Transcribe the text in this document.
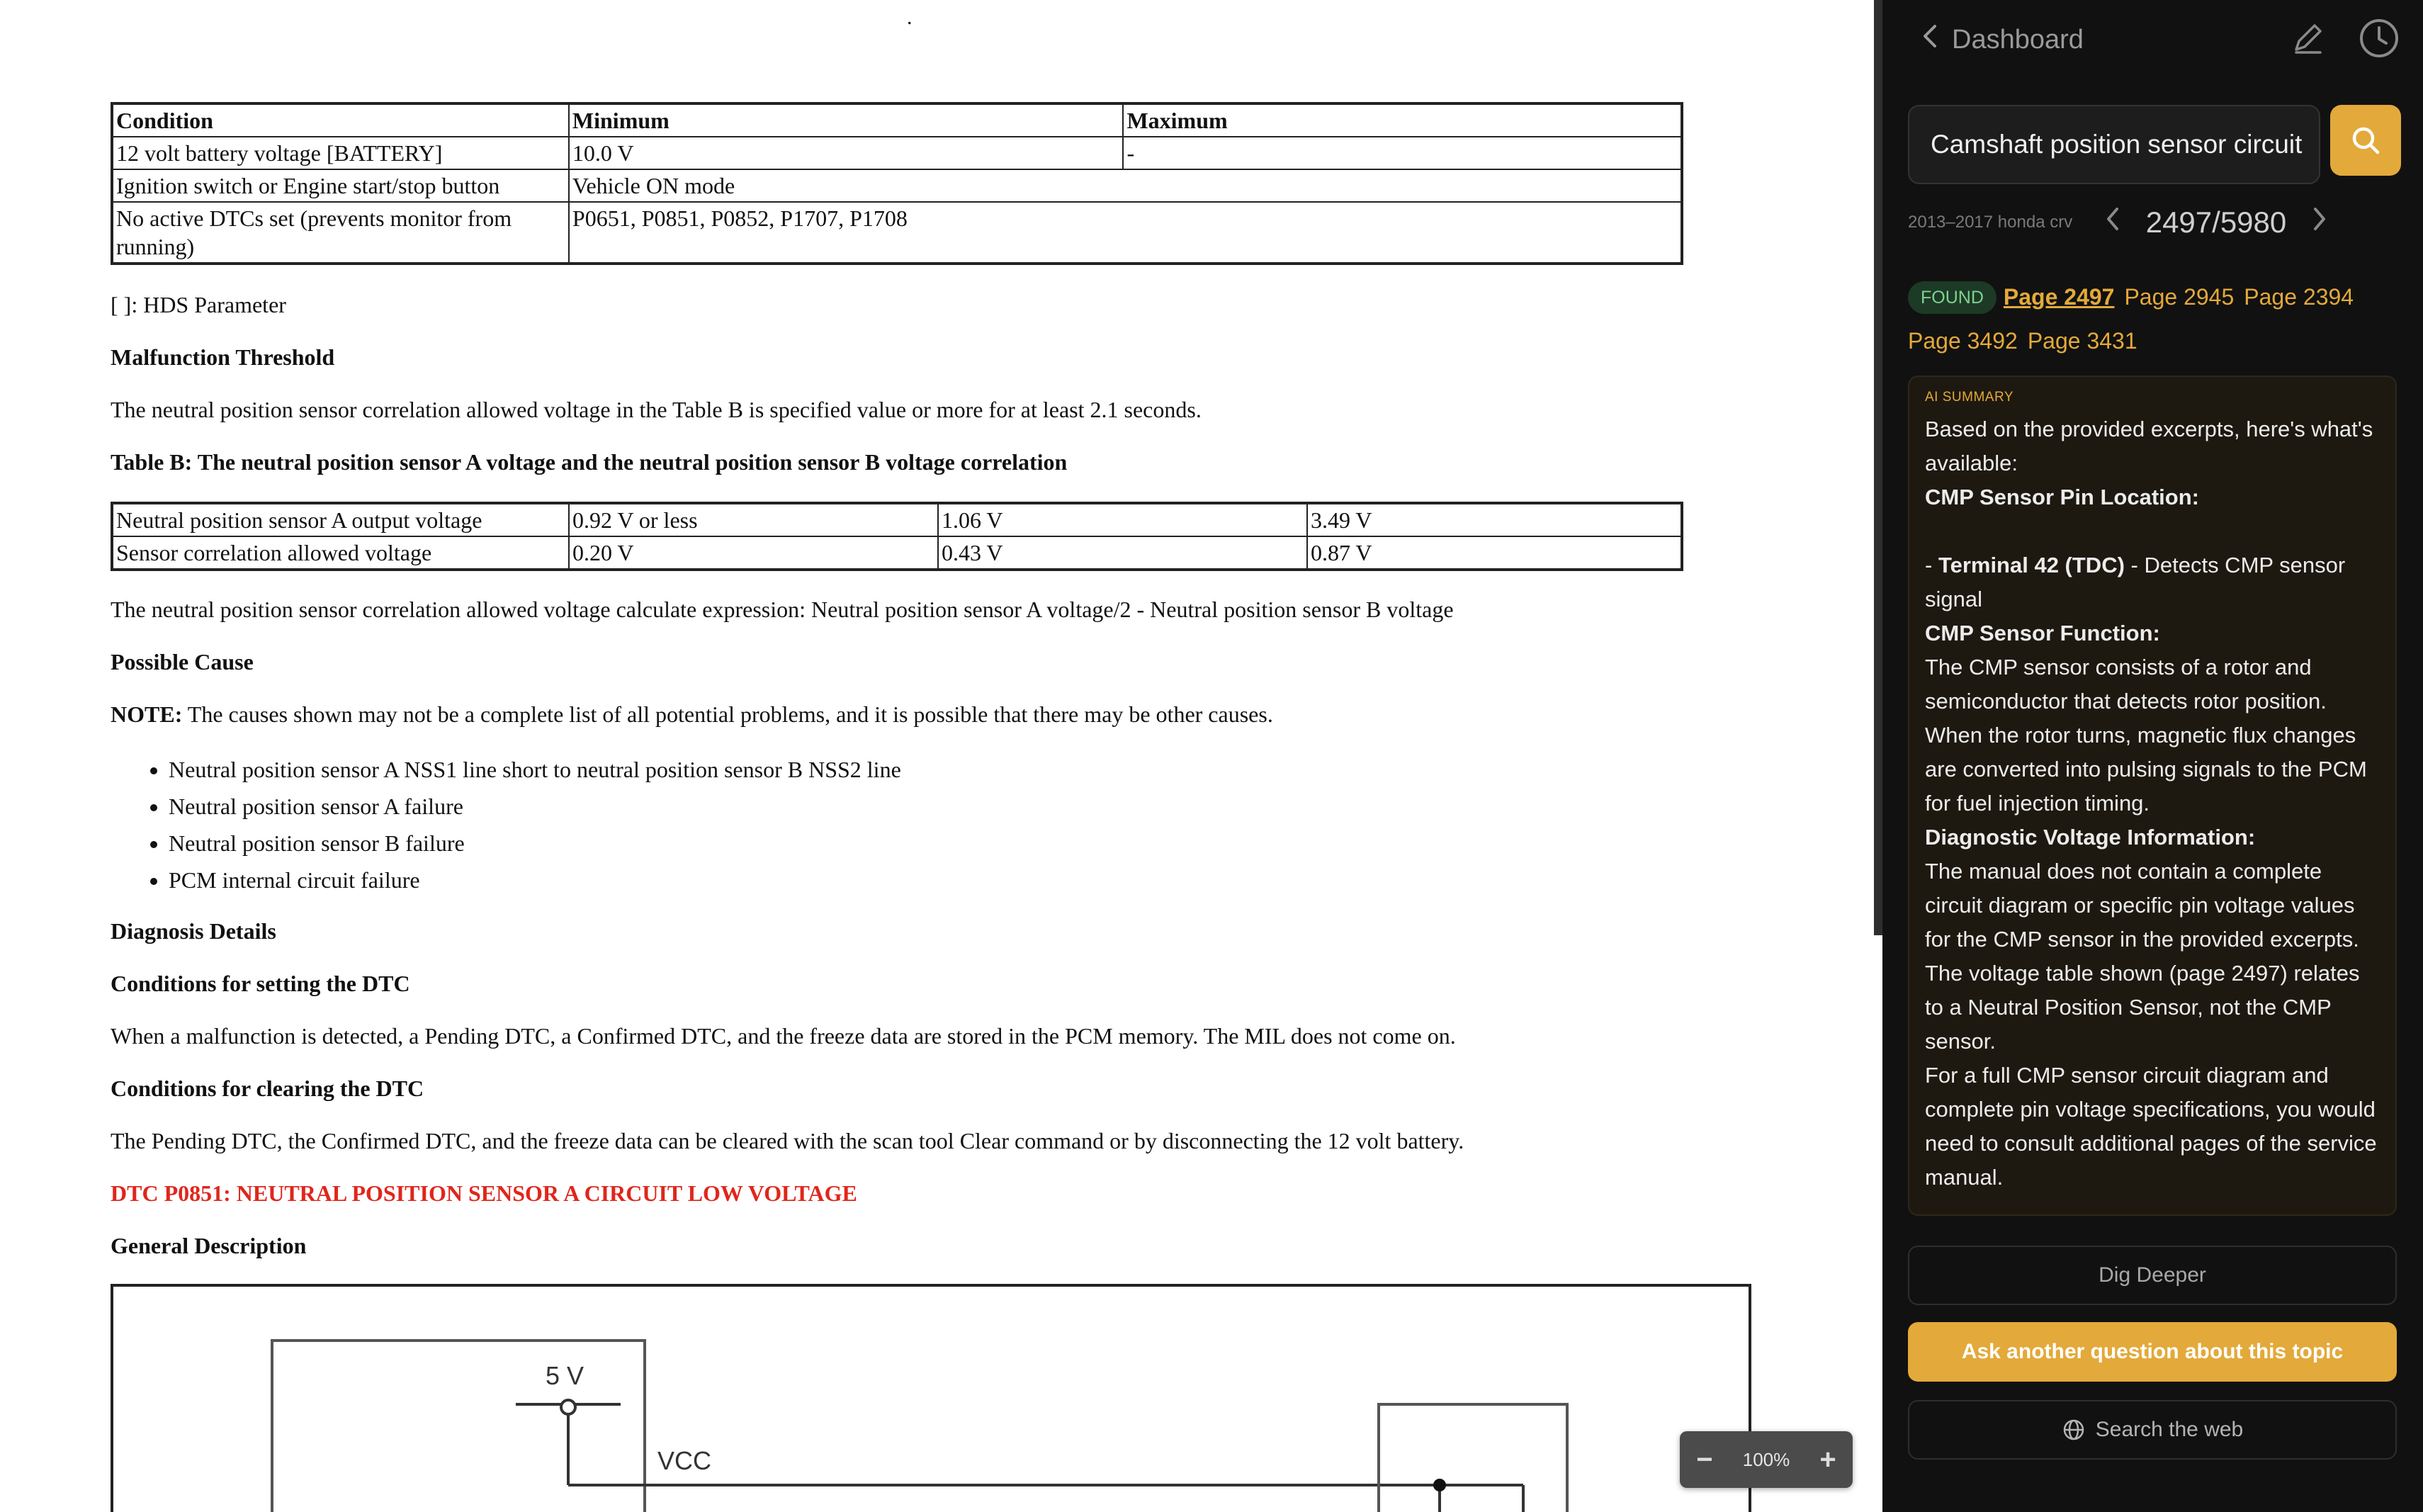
.
Condition	Minimum	Maximum
12 volt battery voltage [BATTERY]	10.0 V	-
Ignition switch or Engine start/stop button	Vehicle ON mode	
No active DTCs set (prevents monitor from running)	P0651, P0851, P0852, P1707, P1708	
[ ]: HDS Parameter
Malfunction Threshold
The neutral position sensor correlation allowed voltage in the Table B is specified value or more for at least 2.1 seconds.
Table B: The neutral position sensor A voltage and the neutral position sensor B voltage correlation
Neutral position sensor A output voltage	0.92 V or less	1.06 V	3.49 V
Sensor correlation allowed voltage	0.20 V	0.43 V	0.87 V
The neutral position sensor correlation allowed voltage calculate expression: Neutral position sensor A voltage/2 - Neutral position sensor B voltage
Possible Cause
NOTE: The causes shown may not be a complete list of all potential problems, and it is possible that there may be other causes.
• Neutral position sensor A NSS1 line short to neutral position sensor B NSS2 line
• Neutral position sensor A failure
• Neutral position sensor B failure
• PCM internal circuit failure
Diagnosis Details
Conditions for setting the DTC
When a malfunction is detected, a Pending DTC, a Confirmed DTC, and the freeze data are stored in the PCM memory. The MIL does not come on.
Conditions for clearing the DTC
The Pending DTC, the Confirmed DTC, and the freeze data can be cleared with the scan tool Clear command or by disconnecting the 12 volt battery.
DTC P0851: NEUTRAL POSITION SENSOR A CIRCUIT LOW VOLTAGE
General Description
5 V
VCC	−	100%	+
Dashboard
Camshaft position sensor circuit
2013–2017 honda crv	2497/5980
FOUND Page 2497 Page 2945 Page 2394
Page 3492 Page 3431
AI SUMMARY
Based on the provided excerpts, here's what's available:
CMP Sensor Pin Location:
- Terminal 42 (TDC) - Detects CMP sensor signal
CMP Sensor Function:
The CMP sensor consists of a rotor and semiconductor that detects rotor position. When the rotor turns, magnetic flux changes are converted into pulsing signals to the PCM for fuel injection timing.
Diagnostic Voltage Information:
The manual does not contain a complete circuit diagram or specific pin voltage values for the CMP sensor in the provided excerpts. The voltage table shown (page 2497) relates to a Neutral Position Sensor, not the CMP sensor.
For a full CMP sensor circuit diagram and complete pin voltage specifications, you would need to consult additional pages of the service manual.
Dig Deeper
Ask another question about this topic
Search the web
